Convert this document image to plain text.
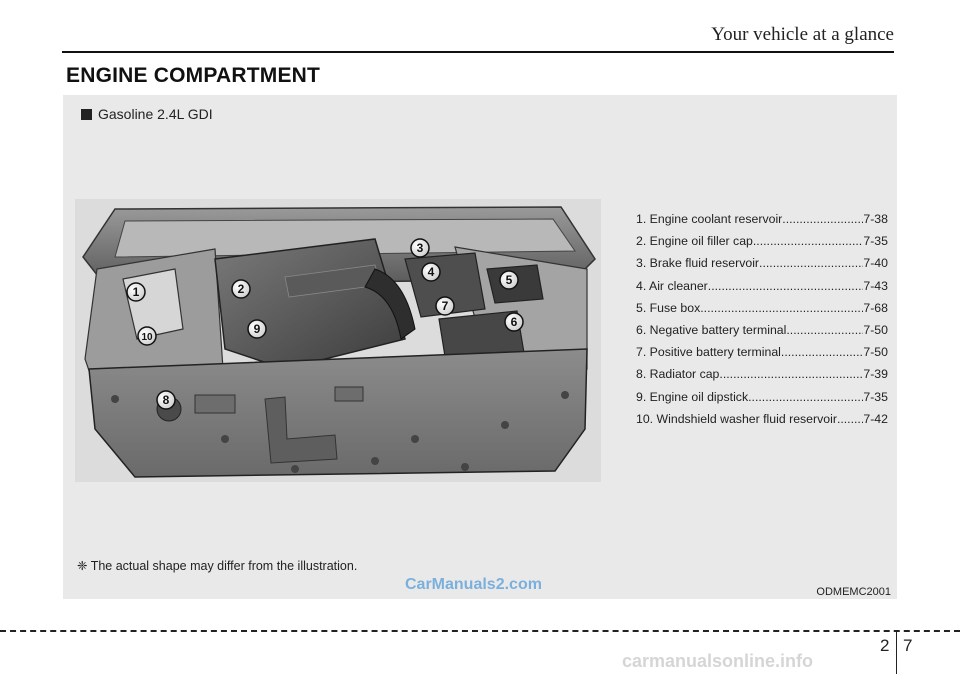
Your vehicle at a glance
ENGINE COMPARTMENT
Gasoline 2.4L GDI
1	2
3
4
5
6
7
8
9
10
1. Engine coolant reservoir .....	7-38
2. Engine oil filler cap .....	7-35
3. Brake fluid reservoir .....	7-40
4. Air cleaner .....	7-43
5. Fuse box .....	7-68
6. Negative battery terminal .....	7-50
7. Positive battery terminal .....	7-50
8. Radiator cap .....	7-39
9. Engine oil dipstick .....	7-35
10. Windshield washer fluid reservoir ..... 7-42
❈ The actual shape may differ from the illustration.
ODMEMC2001
CarManuals2.com
2 7
carmanualsonline.info
